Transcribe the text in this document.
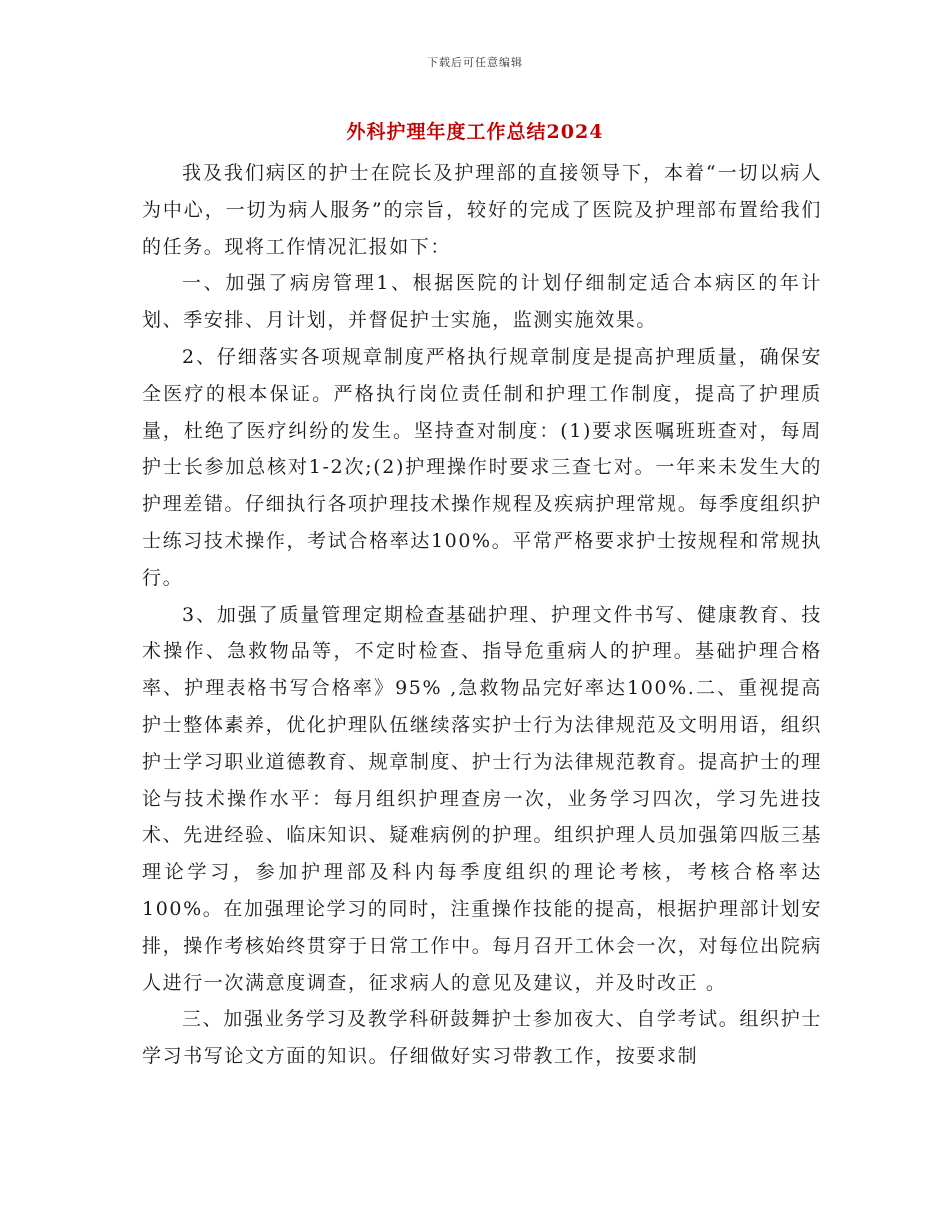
下载后可任意编辑
外科护理年度工作总结2024

我及我们病区的护士在院长及护理部的直接领导下，本着“一切以病人为中心，一切为病人服务”的宗旨，较好的完成了医院及护理部布置给我们的任务。现将工作情况汇报如下：

一、加强了病房管理1、根据医院的计划仔细制定适合本病区的年计划、季安排、月计划，并督促护士实施，监测实施效果。

2、仔细落实各项规章制度严格执行规章制度是提高护理质量，确保安全医疗的根本保证。严格执行岗位责任制和护理工作制度，提高了护理质量，杜绝了医疗纠纷的发生。坚持查对制度：(1)要求医嘱班班查对，每周护士长参加总核对1-2次;(2)护理操作时要求三查七对。一年来未发生大的护理差错。仔细执行各项护理技术操作规程及疾病护理常规。每季度组织护士练习技术操作，考试合格率达100%。平常严格要求护士按规程和常规执行。

3、加强了质量管理定期检查基础护理、护理文件书写、健康教育、技术操作、急救物品等，不定时检查、指导危重病人的护理。基础护理合格率、护理表格书写合格率》95% ,急救物品完好率达100%.二、重视提高护士整体素养，优化护理队伍继续落实护士行为法律规范及文明用语，组织护士学习职业道德教育、规章制度、护士行为法律规范教育。提高护士的理论与技术操作水平：每月组织护理查房一次，业务学习四次，学习先进技术、先进经验、临床知识、疑难病例的护理。组织护理人员加强第四版三基理论学习，参加护理部及科内每季度组织的理论考核，考核合格率达100%。在加强理论学习的同时，注重操作技能的提高，根据护理部计划安排，操作考核始终贯穿于日常工作中。每月召开工休会一次，对每位出院病人进行一次满意度调查，征求病人的意见及建议，并及时改正 。

三、加强业务学习及教学科研鼓舞护士参加夜大、自学考试。组织护士学习书写论文方面的知识。仔细做好实习带教工作，按要求制
